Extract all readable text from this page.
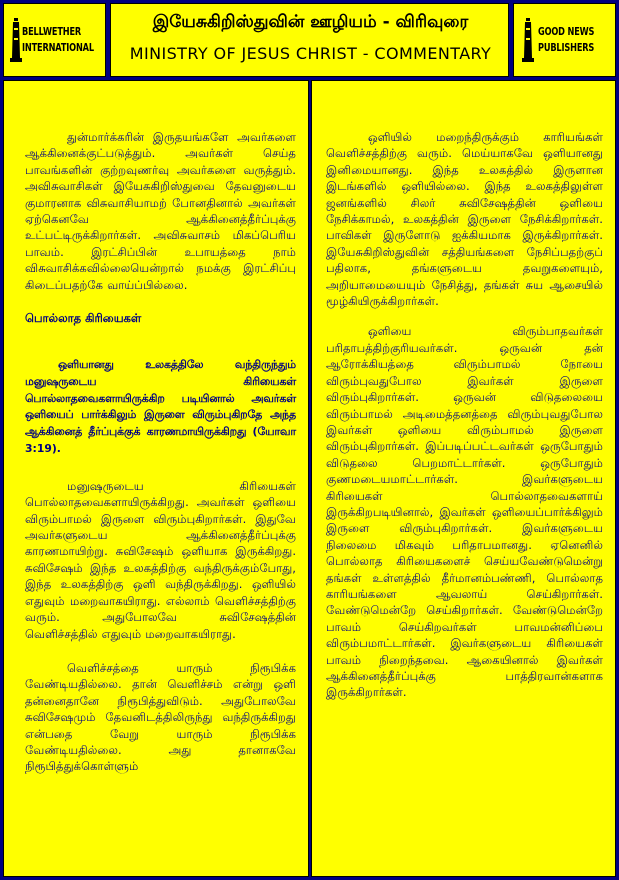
BELLWETHER
INTERNATIONAL
இயேசுகிறிஸ்துவின் ஊழியம் - விரிவுரை
MINISTRY OF JESUS CHRIST - COMMENTARY
GOOD NEWS
PUBLISHERS

துன்மார்க்கரின் இருதயங்களே அவர்களை ஆக்கினைக்குட்படுத்தும். அவர்கள் செய்த பாவங்களின் குற்றவுணர்வு அவர்களை வருத்தும். அவிசுவாசிகள் இயேசுகிறிஸ்துவை தேவனுடைய குமாரனாக விசுவாசியாமற் போனதினால் அவர்கள் ஏற்கெனவே ஆக்கினைத்தீர்ப்புக்கு உட்பட்டிருக்கிறார்கள். அவிசுவாசம் மிகப்பெரிய பாவம். இரட்சிப்பின் உபாயத்தை நாம் விசுவாசிக்கவில்லையென்றால் நமக்கு இரட்சிப்பு கிடைப்பதற்கே வாய்ப்பில்லை.

பொல்லாத கிரியைகள்

ஒளியானது உலகத்திலே வந்திருந்தும் மனுஷருடைய கிரியைகள் பொல்லாதவைகளாயிருக்கிற படியினால் அவர்கள் ஒளியைப் பார்க்கிலும் இருளை விரும்புகிறதே அந்த ஆக்கினைத் தீர்ப்புக்குக் காரணமாயிருக்கிறது (யோவா 3:19).

மனுஷருடைய கிரியைகள் பொல்லாதவைகளாயிருக்கிறது. அவர்கள் ஒளியை விரும்பாமல் இருளை விரும்புகிறார்கள். இதுவே அவர்களுடைய ஆக்கினைத்தீர்ப்புக்கு காரணமாயிற்று. சுவிசேஷம் ஒளியாக இருக்கிறது. சுவிசேஷம் இந்த உலகத்திற்கு வந்திருக்கும்போது, இந்த உலகத்திற்கு ஒளி வந்திருக்கிறது. ஒளியில் எதுவும் மறைவாகயிராது. எல்லாம் வெளிச்சத்திற்கு வரும். அதுபோலவே சுவிசேஷத்தின் வெளிச்சத்தில் எதுவும் மறைவாகயிராது.

வெளிச்சத்தை யாரும் நிரூபிக்க வேண்டியதில்லை. தான் வெளிச்சம் என்று ஒளி தன்னைதானே நிரூபித்துவிடும். அதுபோலவே சுவிசேஷமும் தேவனிடத்திலிருந்து வந்திருக்கிறது என்பதை வேறு யாரும் நிரூபிக்க வேண்டியதில்லை. அது தானாகவே நிரூபித்துக்கொள்ளும்

ஒளியில் மறைந்திருக்கும் காரியங்கள் வெளிச்சத்திற்கு வரும். மெய்யாகவே ஒளியானது இனிமையானது. இந்த உலகத்தில் இருளான இடங்களில் ஒளியில்லை. இந்த உலகத்திலுள்ள ஜனங்களில் சிலர் சுவிசேஷத்தின் ஒளியை நேசிக்காமல், உலகத்தின் இருளை நேசிக்கிறார்கள். பாவிகள் இருளோடு ஐக்கியமாக இருக்கிறார்கள். இயேசுகிறிஸ்துவின் சத்தியங்களை நேசிப்பதற்குப் பதிலாக, தங்களுடைய தவறுகளையும், அறியாமையையும் நேசித்து, தங்கள் சுய ஆசையில் மூழ்கியிருக்கிறார்கள்.

ஒளியை விரும்பாதவர்கள் பரிதாபத்திற்குரியவர்கள். ஒருவன் தன் ஆரோக்கியத்தை விரும்பாமல் நோயை விரும்புவதுபோல இவர்கள் இருளை விரும்புகிறார்கள். ஒருவன் விடுதலையை விரும்பாமல் அடிமைத்தனத்தை விரும்புவதுபோல இவர்கள் ஒளியை விரும்பாமல் இருளை விரும்புகிறார்கள். இப்படிப்பட்டவர்கள் ஒருபோதும் விடுதலை பெறமாட்டார்கள். ஒருபோதும் குணமடையமாட்டார்கள். இவர்களுடைய கிரியைகள் பொல்லாதவைகளாய் இருக்கிறபடியினால், இவர்கள் ஒளியைப்பார்க்கிலும் இருளை விரும்புகிறார்கள். இவர்களுடைய நிலைமை மிகவும் பரிதாபமானது. ஏனெனில் பொல்லாத கிரியைகளைச் செய்யவேண்டுமென்று தங்கள் உள்ளத்தில் தீர்மானம்பண்ணி, பொல்லாத காரியங்களை ஆவலாய் செய்கிறார்கள். வேண்டுமென்றே செய்கிறார்கள். வேண்டுமென்றே பாவம் செய்கிறவர்கள் பாவமன்னிப்பை விரும்பமாட்டார்கள். இவர்களுடைய கிரியைகள் பாவம் நிறைந்தவை. ஆகையினால் இவர்கள் ஆக்கினைத்தீர்ப்புக்கு பாத்திரவான்களாக இருக்கிறார்கள்.
